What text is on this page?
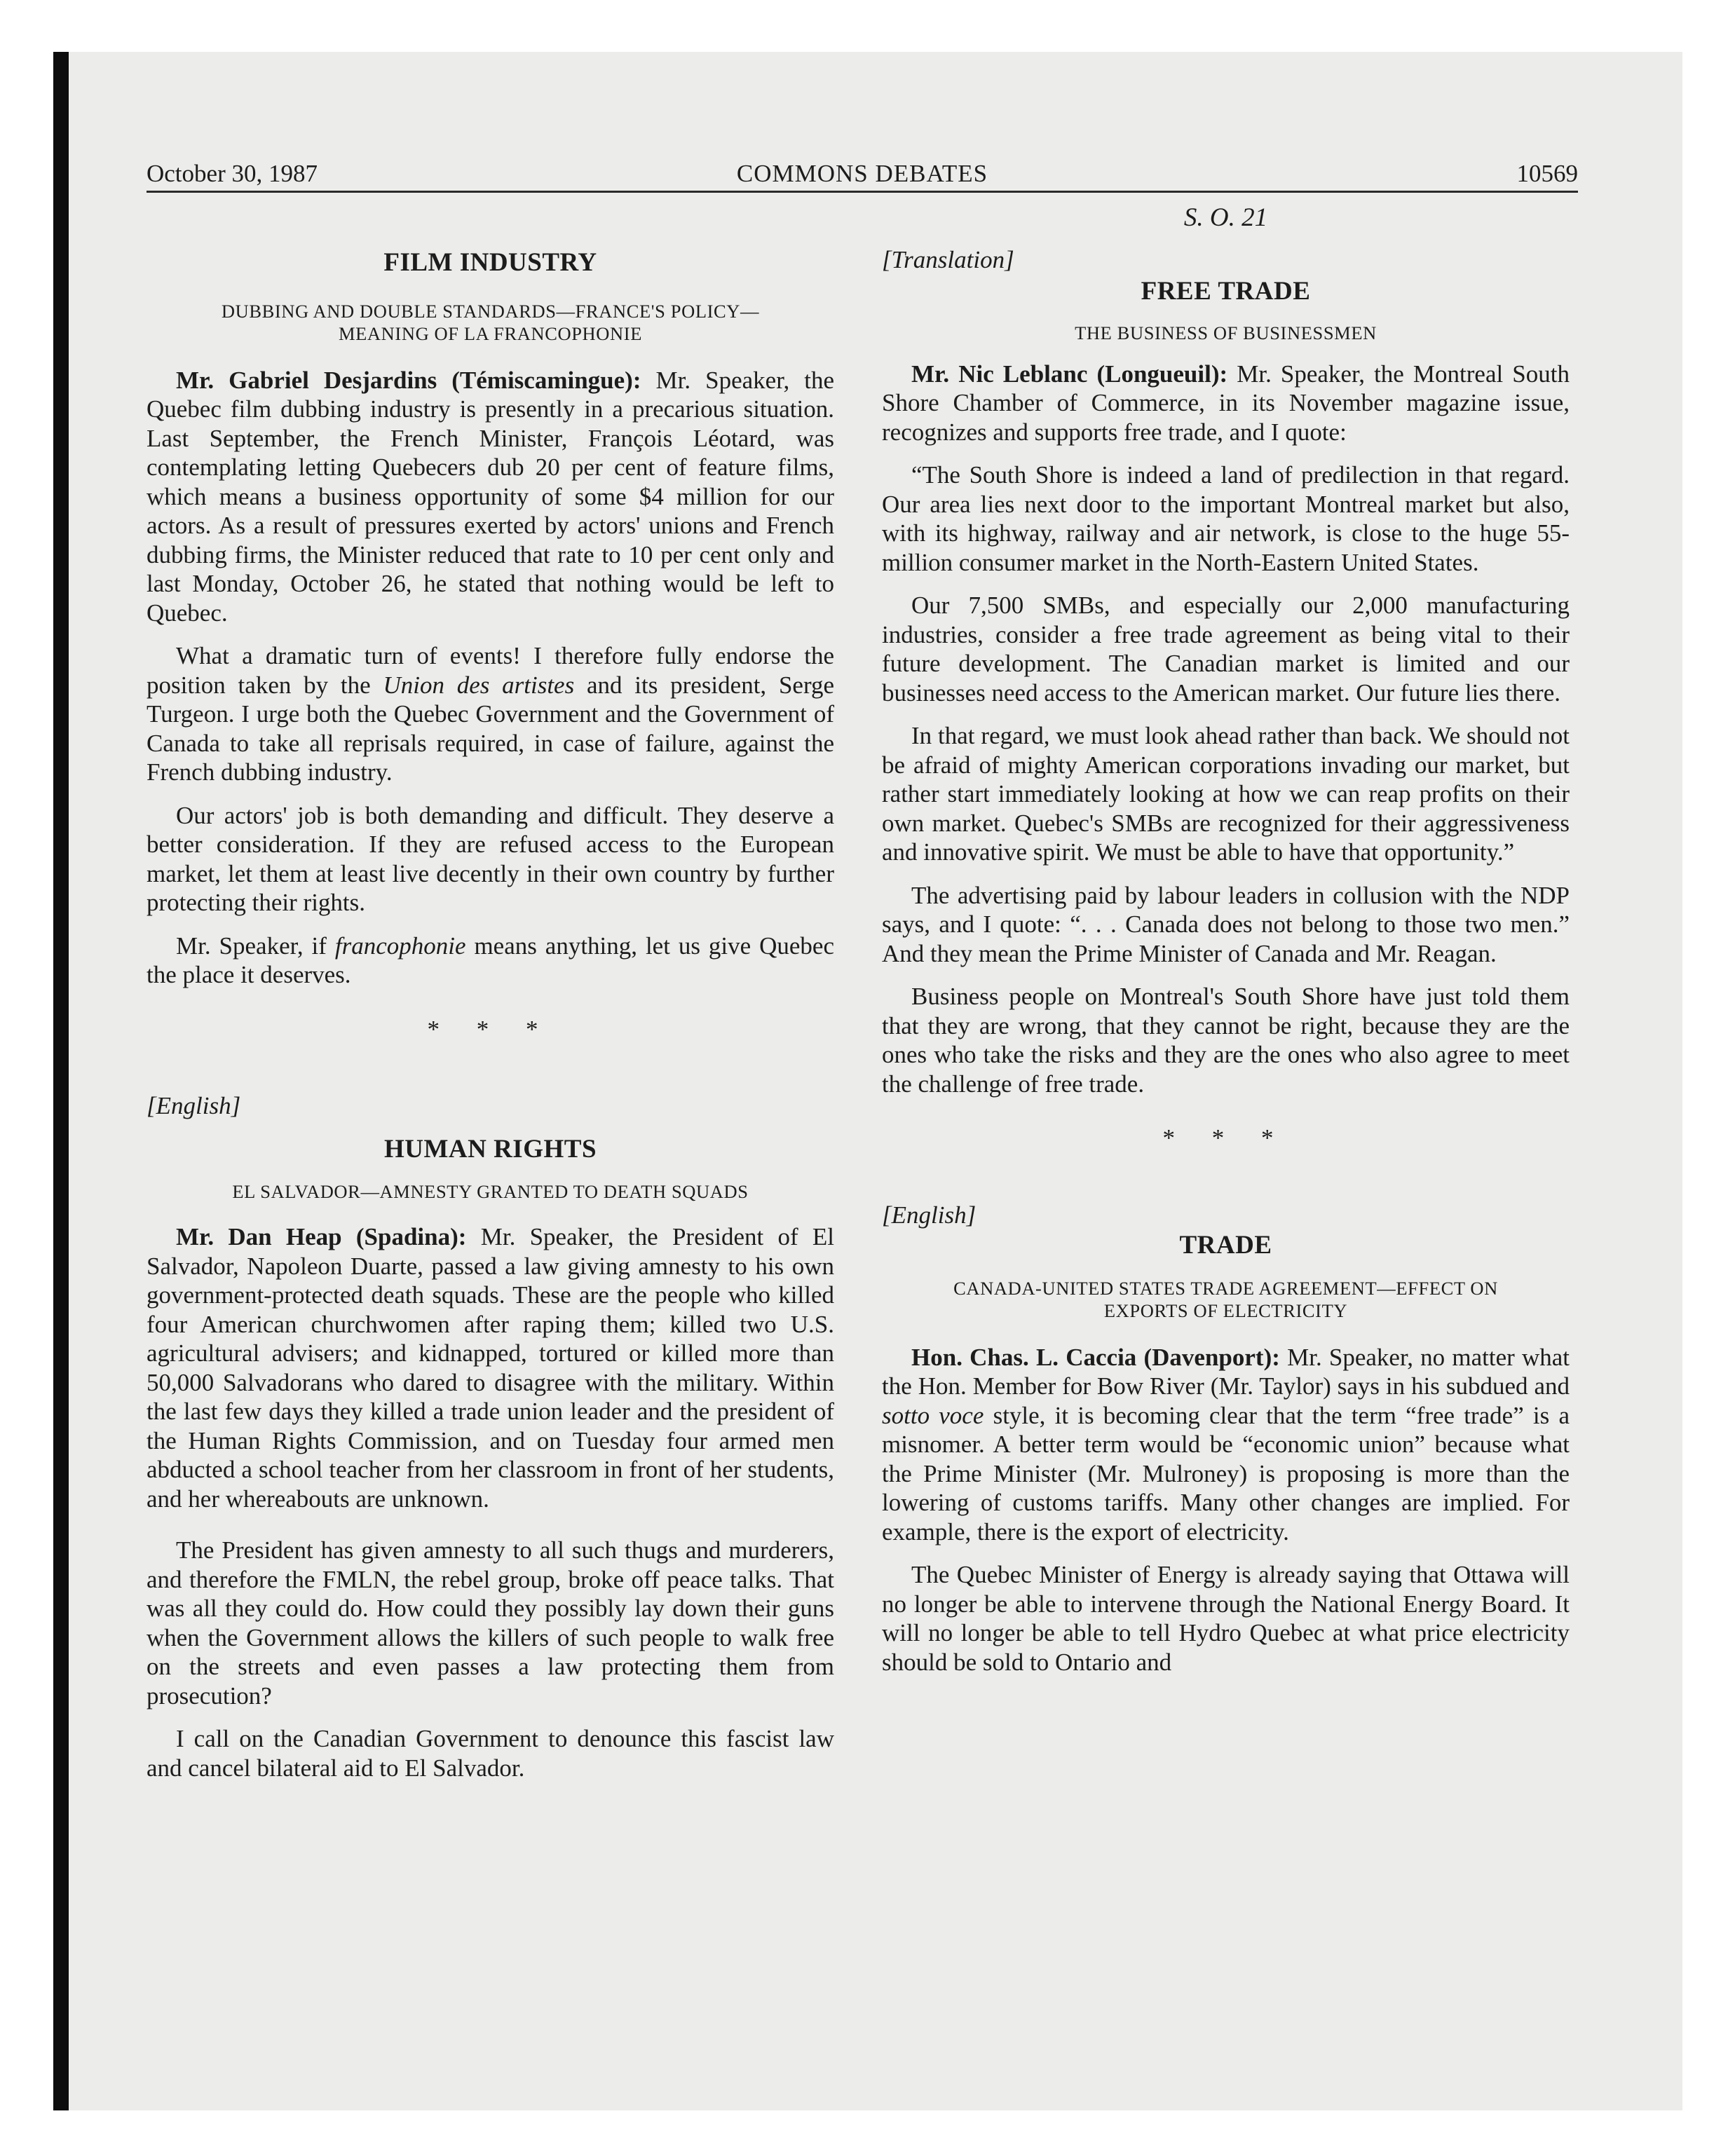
October 30, 1987	COMMONS DEBATES	10569

FILM INDUSTRY

DUBBING AND DOUBLE STANDARDS—FRANCE'S POLICY—

MEANING OF LA FRANCOPHONIE

Mr. Gabriel Desjardins (Témiscamingue): Mr. Speaker, the Quebec film dubbing industry is presently in a precarious situation. Last September, the French Minister, François Léotard, was contemplating letting Quebecers dub 20 per cent of feature films, which means a business opportunity of some $4 million for our actors. As a result of pressures exerted by actors' unions and French dubbing firms, the Minister reduced that rate to 10 per cent only and last Monday, October 26, he stated that nothing would be left to Quebec.

What a dramatic turn of events! I therefore fully endorse the position taken by the Union des artistes and its president, Serge Turgeon. I urge both the Quebec Government and the Government of Canada to take all reprisals required, in case of failure, against the French dubbing industry.

Our actors' job is both demanding and difficult. They deserve a better consideration. If they are refused access to the European market, let them at least live decently in their own country by further protecting their rights.

Mr. Speaker, if francophonie means anything, let us give Quebec the place it deserves.

* * *

[English]

HUMAN RIGHTS

EL SALVADOR—AMNESTY GRANTED TO DEATH SQUADS

Mr. Dan Heap (Spadina): Mr. Speaker, the President of El Salvador, Napoleon Duarte, passed a law giving amnesty to his own government-protected death squads. These are the people who killed four American churchwomen after raping them; killed two U.S. agricultural advisers; and kidnapped, tortured or killed more than 50,000 Salvadorans who dared to disagree with the military. Within the last few days they killed a trade union leader and the president of the Human Rights Commission, and on Tuesday four armed men abducted a school teacher from her classroom in front of her students, and her whereabouts are unknown.

The President has given amnesty to all such thugs and murderers, and therefore the FMLN, the rebel group, broke off peace talks. That was all they could do. How could they possibly lay down their guns when the Government allows the killers of such people to walk free on the streets and even passes a law protecting them from prosecution?

I call on the Canadian Government to denounce this fascist law and cancel bilateral aid to El Salvador.

S. O. 21

[Translation]

FREE TRADE

THE BUSINESS OF BUSINESSMEN

Mr. Nic Leblanc (Longueuil): Mr. Speaker, the Montreal South Shore Chamber of Commerce, in its November magazine issue, recognizes and supports free trade, and I quote:

“The South Shore is indeed a land of predilection in that regard. Our area lies next door to the important Montreal market but also, with its highway, railway and air network, is close to the huge 55-million consumer market in the North-Eastern United States.

Our 7,500 SMBs, and especially our 2,000 manufacturing industries, consider a free trade agreement as being vital to their future development. The Canadian market is limited and our businesses need access to the American market. Our future lies there.

In that regard, we must look ahead rather than back. We should not be afraid of mighty American corporations invading our market, but rather start immediately looking at how we can reap profits on their own market. Quebec's SMBs are recognized for their aggressiveness and innovative spirit. We must be able to have that opportunity.”

The advertising paid by labour leaders in collusion with the NDP says, and I quote: “. . . Canada does not belong to those two men.” And they mean the Prime Minister of Canada and Mr. Reagan.

Business people on Montreal's South Shore have just told them that they are wrong, that they cannot be right, because they are the ones who take the risks and they are the ones who also agree to meet the challenge of free trade.

* * *

[English]

TRADE

CANADA-UNITED STATES TRADE AGREEMENT—EFFECT ON

EXPORTS OF ELECTRICITY

Hon. Chas. L. Caccia (Davenport): Mr. Speaker, no matter what the Hon. Member for Bow River (Mr. Taylor) says in his subdued and sotto voce style, it is becoming clear that the term “free trade” is a misnomer. A better term would be “economic union” because what the Prime Minister (Mr. Mulroney) is proposing is more than the lowering of customs tariffs. Many other changes are implied. For example, there is the export of electricity.

The Quebec Minister of Energy is already saying that Ottawa will no longer be able to intervene through the National Energy Board. It will no longer be able to tell Hydro Quebec at what price electricity should be sold to Ontario and
